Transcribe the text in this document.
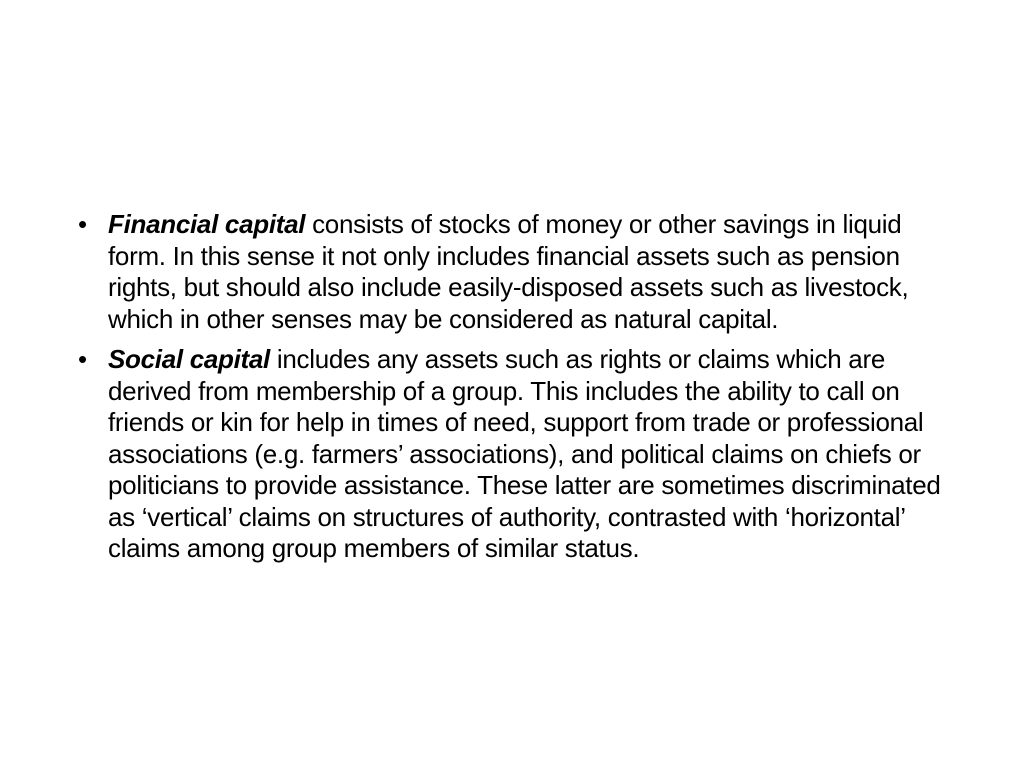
• Financial capital consists of stocks of money or other savings in liquid form. In this sense it not only includes financial assets such as pension rights, but should also include easily-disposed assets such as livestock, which in other senses may be considered as natural capital.
• Social capital includes any assets such as rights or claims which are derived from membership of a group. This includes the ability to call on friends or kin for help in times of need, support from trade or professional associations (e.g. farmers’ associations), and political claims on chiefs or politicians to provide assistance. These latter are sometimes discriminated as ‘vertical’ claims on structures of authority, contrasted with ‘horizontal’ claims among group members of similar status.
